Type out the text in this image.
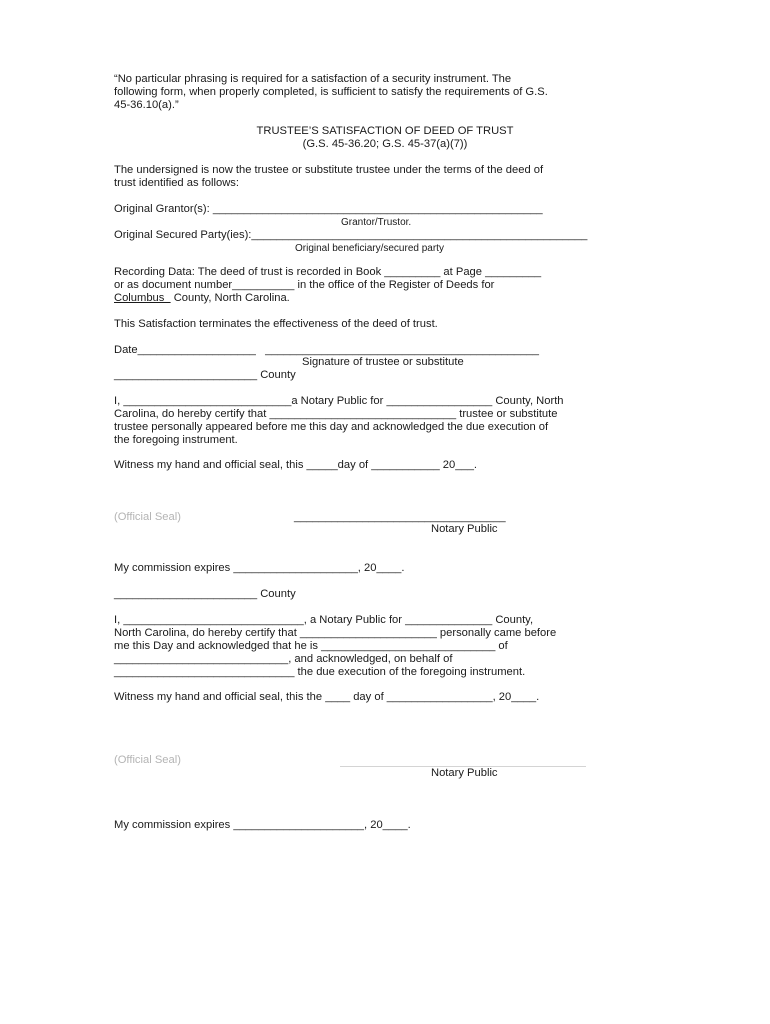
“No particular phrasing is required for a satisfaction of a security instrument. The
following form, when properly completed, is sufficient to satisfy the requirements of G.S.
45-36.10(a).”
TRUSTEE’S SATISFACTION OF DEED OF TRUST
(G.S. 45-36.20; G.S. 45-37(a)(7))
The undersigned is now the trustee or substitute trustee under the terms of the deed of
trust identified as follows:
Original Grantor(s): _____________________________________________________
Grantor/Trustor.
Original Secured Party(ies):______________________________________________________
Original beneficiary/secured party
Recording Data: The deed of trust is recorded in Book _________ at Page _________
or as document number__________ in the office of the Register of Deeds for
Columbus   County, North Carolina.
This Satisfaction terminates the effectiveness of the deed of trust.
Date___________________   ____________________________________________
Signature of trustee or substitute
_______________________ County
I, ___________________________a Notary Public for _________________ County, North
Carolina, do hereby certify that ______________________________ trustee or substitute
trustee personally appeared before me this day and acknowledged the due execution of
the foregoing instrument.
Witness my hand and official seal, this _____day of ___________ 20___.
(Official Seal)	__________________________________
Notary Public
My commission expires ____________________, 20____.
_______________________ County
I, _____________________________, a Notary Public for ______________ County,
North Carolina, do hereby certify that ______________________ personally came before
me this Day and acknowledged that he is ____________________________ of
____________________________, and acknowledged, on behalf of
_____________________________ the due execution of the foregoing instrument.
Witness my hand and official seal, this the ____ day of _________________, 20____.
(Official Seal)
Notary Public
My commission expires _____________________, 20____.
